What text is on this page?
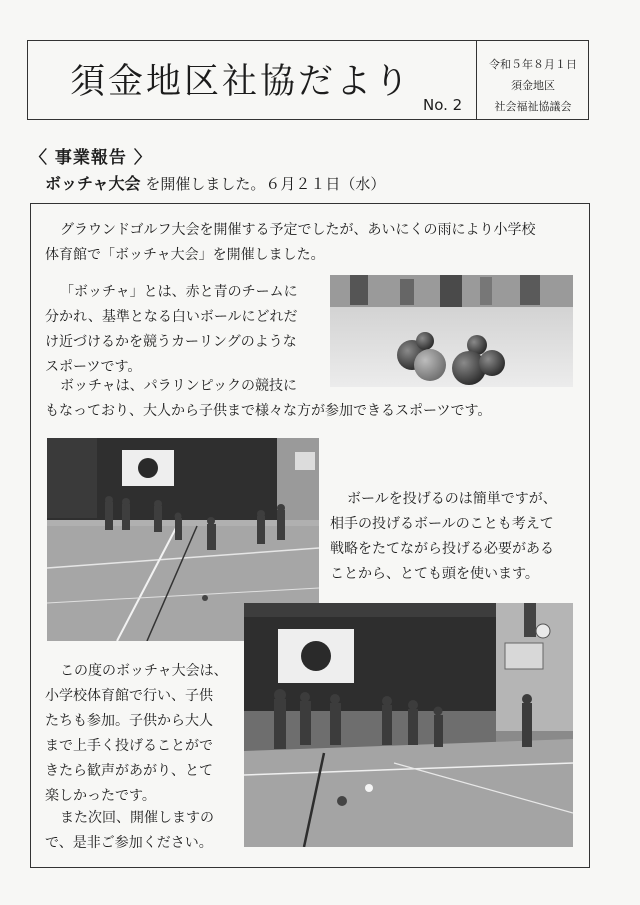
須金地区社協だより
No. 2
令和５年８月１日
須金地区
社会福祉協議会
〈 事業報告 〉
ボッチャ大会 を開催しました。６月２１日（水）
グラウンドゴルフ大会を開催する予定でしたが、あいにくの雨により小学校
体育館で「ボッチャ大会」を開催しました。
「ボッチャ」とは、赤と青のチームに
分かれ、基準となる白いボールにどれだ
け近づけるかを競うカーリングのような
スポーツです。
ボッチャは、パラリンピックの競技に
もなっており、大人から子供まで様々な方が参加できるスポーツです。
ボールを投げるのは簡単ですが、
相手の投げるボールのことも考えて
戦略をたてながら投げる必要がある
ことから、とても頭を使います。
この度のボッチャ大会は、
小学校体育館で行い、子供
たちも参加。子供から大人
まで上手く投げることがで
きたら歓声があがり、とて
楽しかったです。
また次回、開催しますの
で、是非ご参加ください。
